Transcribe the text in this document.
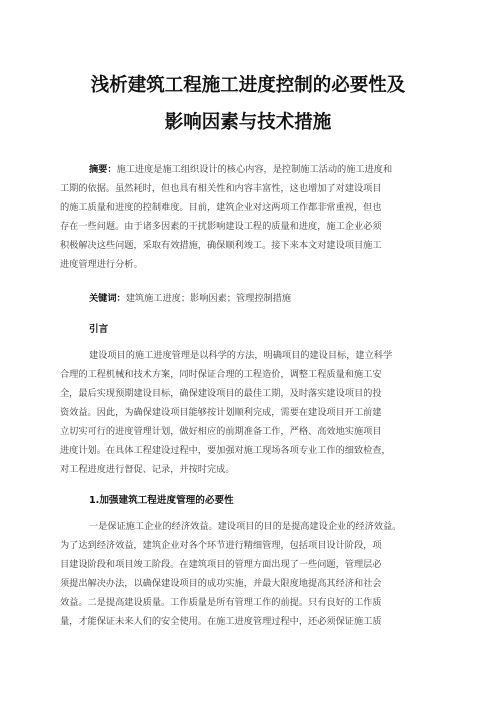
浅析建筑工程施工进度控制的必要性及
影响因素与技术措施
摘要：施工进度是施工组织设计的核心内容，是控制施工活动的施工进度和
工期的依据。虽然耗时，但也具有相关性和内容丰富性，这也增加了对建设项目
的施工质量和进度的控制难度。目前，建筑企业对这两项工作都非常重视，但也
存在一些问题。由于诸多因素的干扰影响建设工程的质量和进度，施工企业必须
积极解决这些问题，采取有效措施，确保顺利竣工。接下来本文对建设项目施工
进度管理进行分析。
关键词：建筑施工进度；影响因素；管理控制措施
引言
建设项目的施工进度管理是以科学的方法，明确项目的建设目标，建立科学
合理的工程机械和技术方案，同时保证合理的工程造价，调整工程质量和施工安
全，最后实现预期建设目标，确保建设项目的最佳工期，及时落实建设项目的投
资效益。因此，为确保建设项目能够按计划顺利完成，需要在建设项目开工前建
立切实可行的进度管理计划，做好相应的前期准备工作，严格、高效地实施项目
进度计划。在具体工程建设过程中，要加强对施工现场各项专业工作的细致检查，
对工程进度进行督促、记录，并按时完成。
1.加强建筑工程进度管理的必要性
一是保证施工企业的经济效益。建设项目的目的是提高建设企业的经济效益。
为了达到经济效益，建筑企业对各个环节进行精细管理，包括项目设计阶段，项
目建设阶段和项目竣工阶段。在建筑项目的管理方面出现了一些问题，管理层必
须提出解决办法，以确保建设项目的成功实施，并最大限度地提高其经济和社会
效益。二是提高建设质量。工作质量是所有管理工作的前提。只有良好的工作质
量，才能保证未来人们的安全使用。在施工进度管理过程中，还必须保证施工质
